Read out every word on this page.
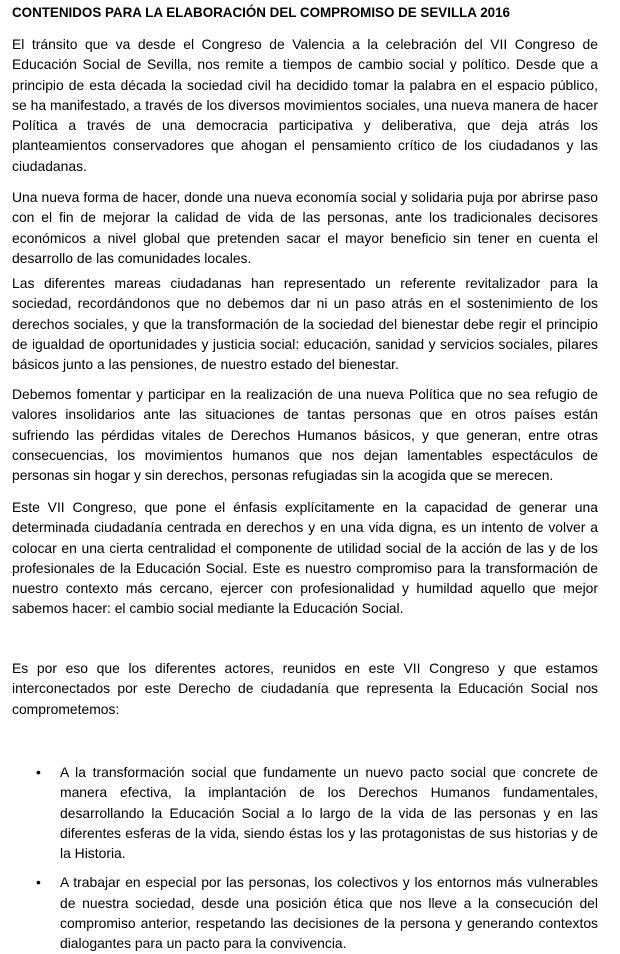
CONTENIDOS PARA LA ELABORACIÓN DEL COMPROMISO DE SEVILLA 2016

El tránsito que va desde el Congreso de Valencia a la celebración del VII Congreso de Educación Social de Sevilla, nos remite a tiempos de cambio social y político. Desde que a principio de esta década la sociedad civil ha decidido tomar la palabra en el espacio público, se ha manifestado, a través de los diversos movimientos sociales, una nueva manera de hacer Política a través de una democracia participativa y deliberativa, que deja atrás los planteamientos conservadores que ahogan el pensamiento crítico de los ciudadanos y las ciudadanas.

Una nueva forma de hacer, donde una nueva economía social y solidaria puja por abrirse paso con el fin de mejorar la calidad de vida de las personas, ante los tradicionales decisores económicos a nivel global que pretenden sacar el mayor beneficio sin tener en cuenta el desarrollo de las comunidades locales.

Las diferentes mareas ciudadanas han representado un referente revitalizador para la sociedad, recordándonos que no debemos dar ni un paso atrás en el sostenimiento de los derechos sociales, y que la transformación de la sociedad del bienestar debe regir el principio de igualdad de oportunidades y justicia social: educación, sanidad y servicios sociales, pilares básicos junto a las pensiones, de nuestro estado del bienestar.

Debemos fomentar y participar en la realización de una nueva Política que no sea refugio de valores insolidarios ante las situaciones de tantas personas que en otros países están sufriendo las pérdidas vitales de Derechos Humanos básicos, y que generan, entre otras consecuencias, los movimientos humanos que nos dejan lamentables espectáculos de personas sin hogar y sin derechos, personas refugiadas sin la acogida que se merecen.

Este VII Congreso, que pone el énfasis explícitamente en la capacidad de generar una determinada ciudadanía centrada en derechos y en una vida digna, es un intento de volver a colocar en una cierta centralidad el componente de utilidad social de la acción de las y de los profesionales de la Educación Social. Este es nuestro compromiso para la transformación de nuestro contexto más cercano, ejercer con profesionalidad y humildad aquello que mejor sabemos hacer: el cambio social mediante la Educación Social.

Es por eso que los diferentes actores, reunidos en este VII Congreso y que estamos interconectados por este Derecho de ciudadanía que representa la Educación Social nos comprometemos:

• A la transformación social que fundamente un nuevo pacto social que concrete de manera efectiva, la implantación de los Derechos Humanos fundamentales, desarrollando la Educación Social a lo largo de la vida de las personas y en las diferentes esferas de la vida, siendo éstas los y las protagonistas de sus historias y de la Historia.
• A trabajar en especial por las personas, los colectivos y los entornos más vulnerables de nuestra sociedad, desde una posición ética que nos lleve a la consecución del compromiso anterior, respetando las decisiones de la persona y generando contextos dialogantes para un pacto para la convivencia.
